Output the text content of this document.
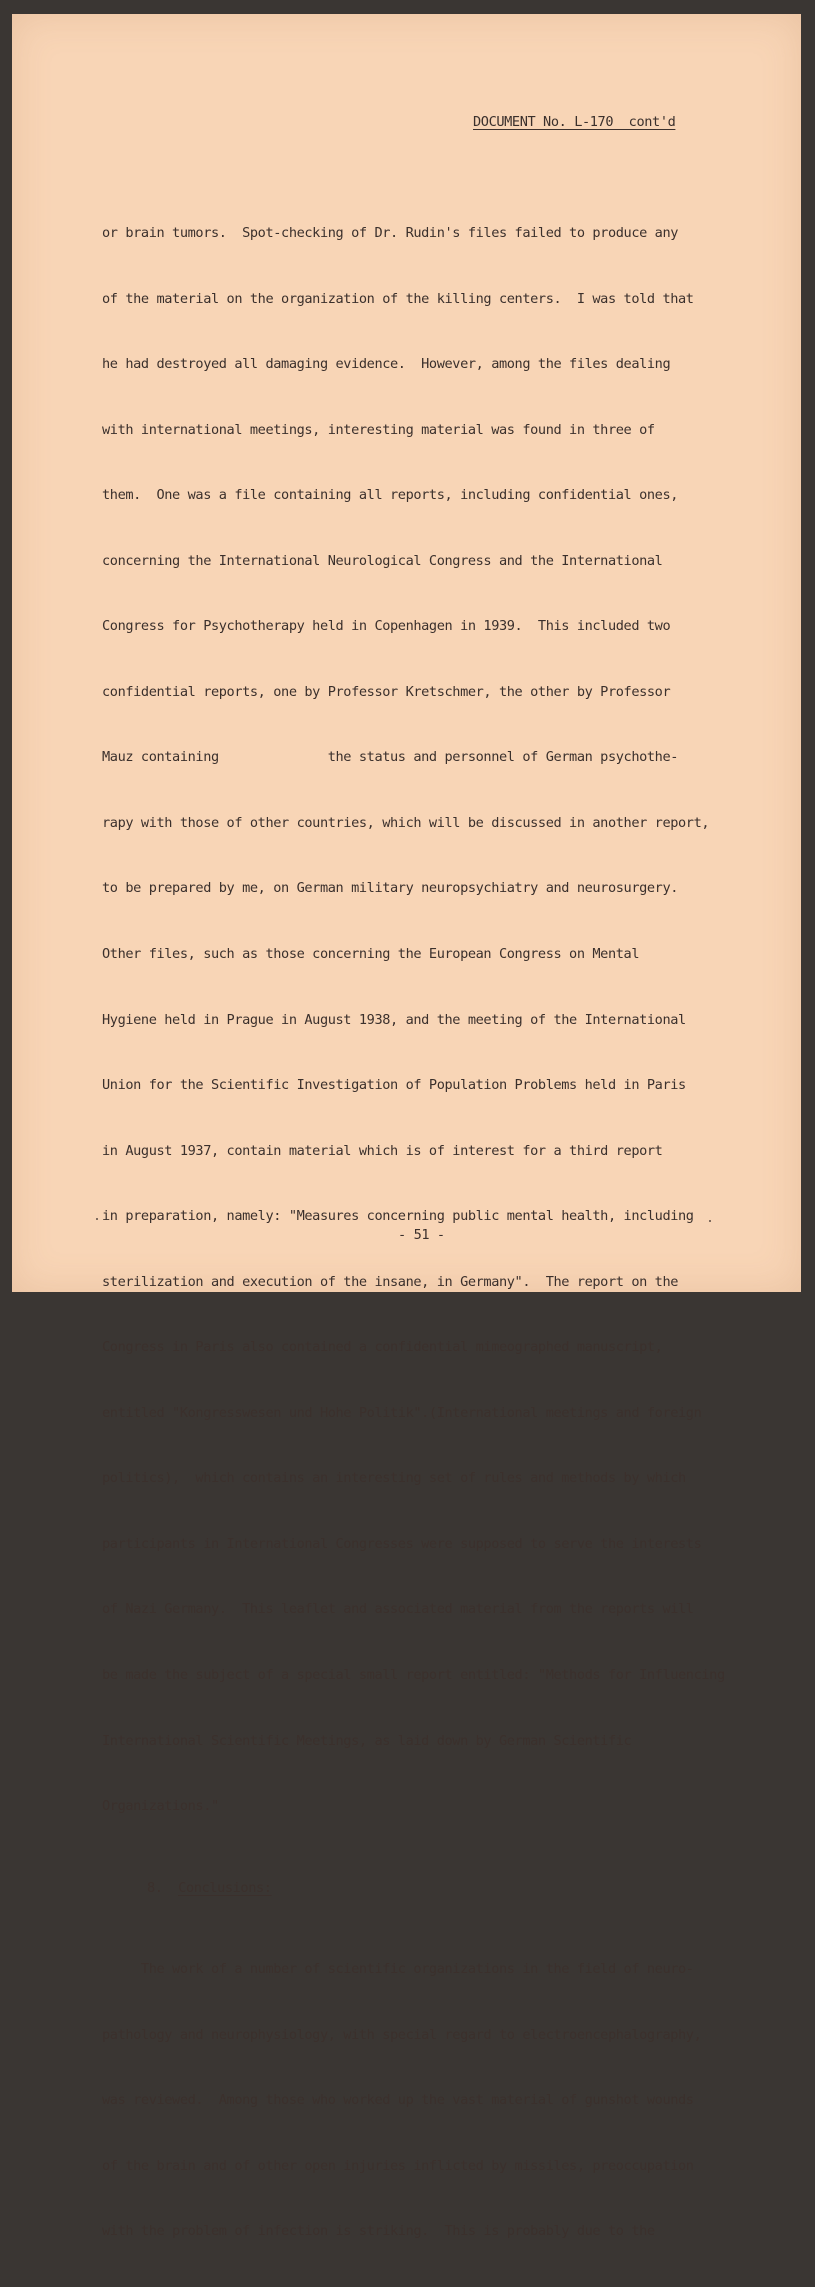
DOCUMENT No. L-170  cont'd

or brain tumors.  Spot-checking of Dr. Rudin's files failed to produce any

of the material on the organization of the killing centers.  I was told that

he had destroyed all damaging evidence.  However, among the files dealing

with international meetings, interesting material was found in three of

them.  One was a file containing all reports, including confidential ones,

concerning the International Neurological Congress and the International

Congress for Psychotherapy held in Copenhagen in 1939.  This included two

confidential reports, one by Professor Kretschmer, the other by Professor

Mauz containing              the status and personnel of German psychothe-

rapy with those of other countries, which will be discussed in another report,

to be prepared by me, on German military neuropsychiatry and neurosurgery.

Other files, such as those concerning the European Congress on Mental

Hygiene held in Prague in August 1938, and the meeting of the International

Union for the Scientific Investigation of Population Problems held in Paris

in August 1937, contain material which is of interest for a third report

in preparation, namely: "Measures concerning public mental health, including

sterilization and execution of the insane, in Germany".  The report on the

Congress in Paris also contained a confidential mimeographed manuscript,

entitled "Kongresswesen und Hohe Politik".(International meetings and foreign

politics),  which contains an interesting set of rules and methods by which

participants in International Congresses were supposed to serve the interests

of Nazi Germany.  This leaflet and associated material from the reports will

be made the subject of a special small report entitled: "Methods for Influencing

International Scientific Meetings, as laid down by German Scientific

Organizations."

8. Conclusions:

The work of a number of scientific organizations in the field of neuro-

pathology and neurophysiology, with special regard to electroencephalography,

was reviewed.  Among those who worked up the vast material of gunshot wounds

of the brain and of other open injuries inflicted by missiles, preoccupation

with the problem of infection is striking.  This is probably due to the

- 51 -
